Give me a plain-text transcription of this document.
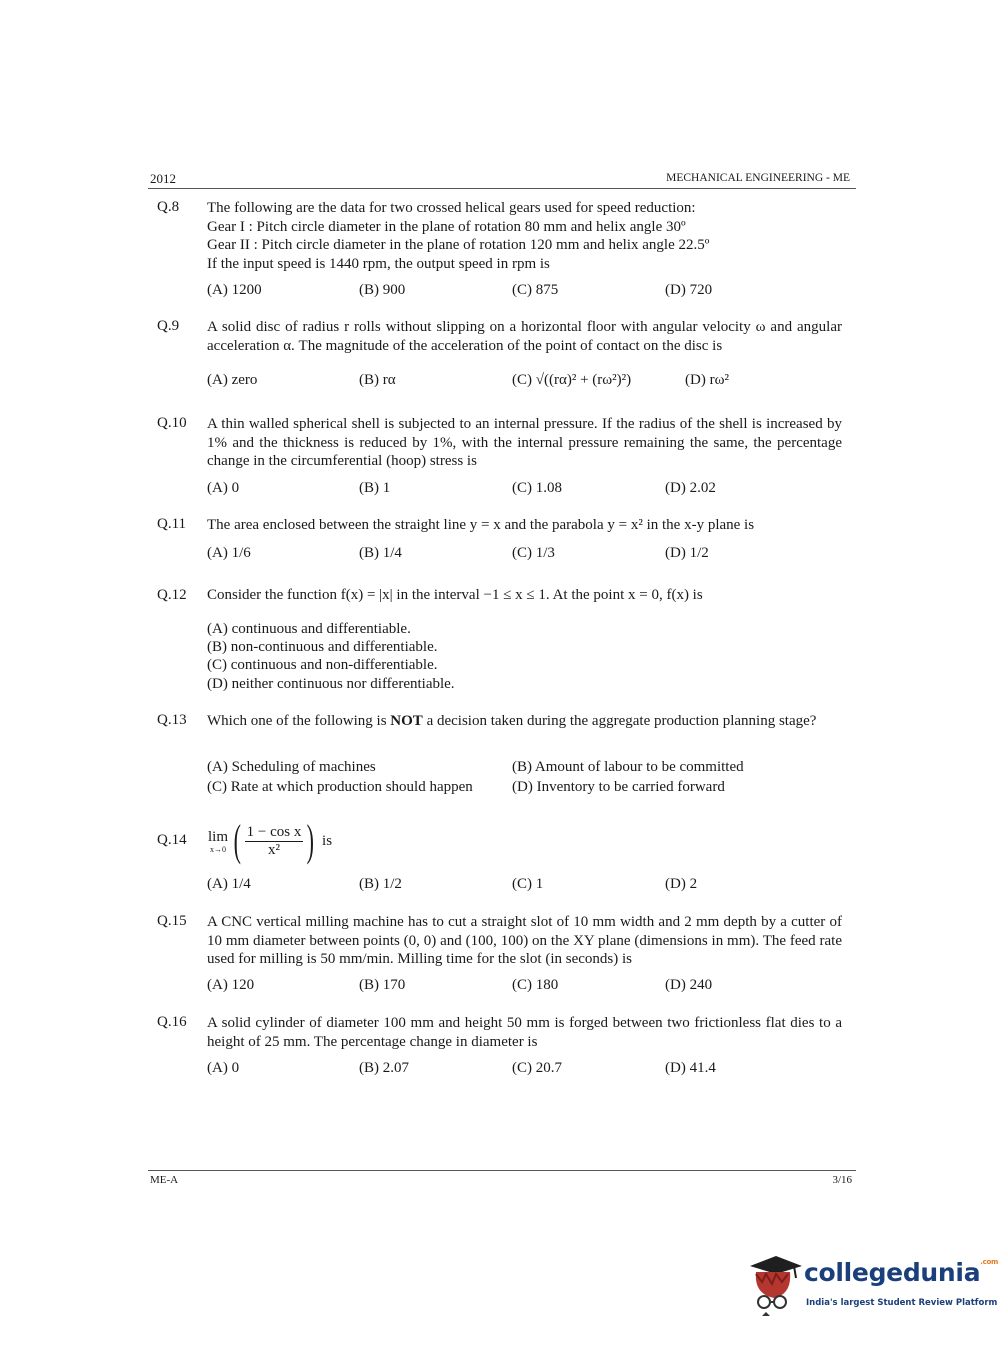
2012	MECHANICAL ENGINEERING - ME
Q.8 The following are the data for two crossed helical gears used for speed reduction:
Gear I : Pitch circle diameter in the plane of rotation 80 mm and helix angle 30º
Gear II : Pitch circle diameter in the plane of rotation 120 mm and helix angle 22.5º
If the input speed is 1440 rpm, the output speed in rpm is
(A) 1200	(B) 900	(C) 875	(D) 720
Q.9 A solid disc of radius r rolls without slipping on a horizontal floor with angular velocity ω and angular acceleration α. The magnitude of the acceleration of the point of contact on the disc is
(A) zero	(B) rα	(C) √((rα)² + (rω²)²)	(D) rω²
Q.10 A thin walled spherical shell is subjected to an internal pressure. If the radius of the shell is increased by 1% and the thickness is reduced by 1%, with the internal pressure remaining the same, the percentage change in the circumferential (hoop) stress is
(A) 0	(B) 1	(C) 1.08	(D) 2.02
Q.11 The area enclosed between the straight line y = x and the parabola y = x² in the x-y plane is
(A) 1/6	(B) 1/4	(C) 1/3	(D) 1/2
Q.12 Consider the function f(x) = |x| in the interval −1 ≤ x ≤ 1. At the point x = 0, f(x) is
(A) continuous and differentiable.
(B) non-continuous and differentiable.
(C) continuous and non-differentiable.
(D) neither continuous nor differentiable.
Q.13 Which one of the following is NOT a decision taken during the aggregate production planning stage?
(A) Scheduling of machines	(B) Amount of labour to be committed
(C) Rate at which production should happen	(D) Inventory to be carried forward
Q.14 lim
x→0 ( $\frac{\text{1 − cos x}}{\text{x²}}$ ) is
(A) 1/4	(B) 1/2	(C) 1	(D) 2
Q.15 A CNC vertical milling machine has to cut a straight slot of 10 mm width and 2 mm depth by a cutter of 10 mm diameter between points (0, 0) and (100, 100) on the XY plane (dimensions in mm). The feed rate used for milling is 50 mm/min. Milling time for the slot (in seconds) is
(A) 120	(B) 170	(C) 180	(D) 240
Q.16 A solid cylinder of diameter 100 mm and height 50 mm is forged between two frictionless flat dies to a height of 25 mm. The percentage change in diameter is
(A) 0	(B) 2.07	(C) 20.7	(D) 41.4
ME-A	3/16
collegedunia$^{.com}$
India's largest Student Review Platform
